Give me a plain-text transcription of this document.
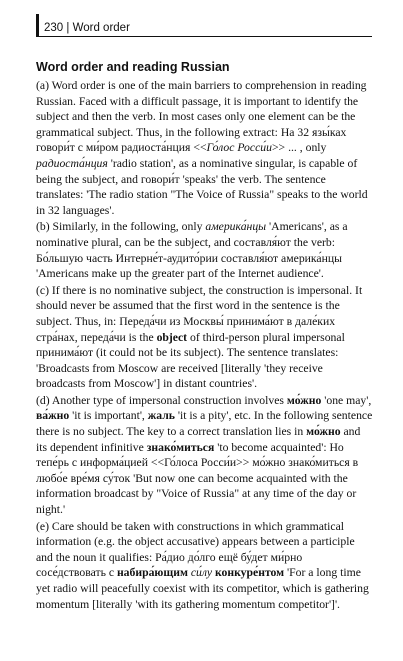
230 | Word order
Word order and reading Russian

(a) Word order is one of the main barriers to comprehension in reading Russian. Faced with a difficult passage, it is important to identify the subject and then the verb. In most cases only one element can be the grammatical subject. Thus, in the following extract: На 32 язы́ках говори́т с ми́ром радиоста́нция <<Го́лос Росси́и>> ... , only радиоста́нция 'radio station', as a nominative singular, is capable of being the subject, and говори́т 'speaks' the verb. The sentence translates: 'The radio station "The Voice of Russia" speaks to the world in 32 languages'.

(b) Similarly, in the following, only америка́нцы 'Americans', as a nominative plural, can be the subject, and составля́ют the verb: Бо́льшую часть Интерне́т-аудито́рии составля́ют америка́нцы 'Americans make up the greater part of the Internet audience'.

(c) If there is no nominative subject, the construction is impersonal. It should never be assumed that the first word in the sentence is the subject. Thus, in: Переда́чи из Москвы́ принима́ют в дале́ких стра́нах, переда́чи is the object of third-person plural impersonal принима́ют (it could not be its subject). The sentence translates: 'Broadcasts from Moscow are received [literally 'they receive broadcasts from Moscow'] in distant countries'.

(d) Another type of impersonal construction involves мо́жно 'one may', ва́жно 'it is important', жаль 'it is a pity', etc. In the following sentence there is no subject. The key to a correct translation lies in мо́жно and its dependent infinitive знако́миться 'to become acquainted': Но тепе́рь с информа́цией <<Го́лоса Росси́и>> мо́жно знако́миться в любо́е вре́мя су́ток 'But now one can become acquainted with the information broadcast by "Voice of Russia" at any time of the day or night.'

(e) Care should be taken with constructions in which grammatical information (e.g. the object accusative) appears between a participle and the noun it qualifies: Ра́дио до́лго ещё бу́дет ми́рно сосе́дствовать с набира́ющим си́лу конкуре́нтом 'For a long time yet radio will peacefully coexist with its competitor, which is gathering momentum [literally 'with its gathering momentum competitor']'.
